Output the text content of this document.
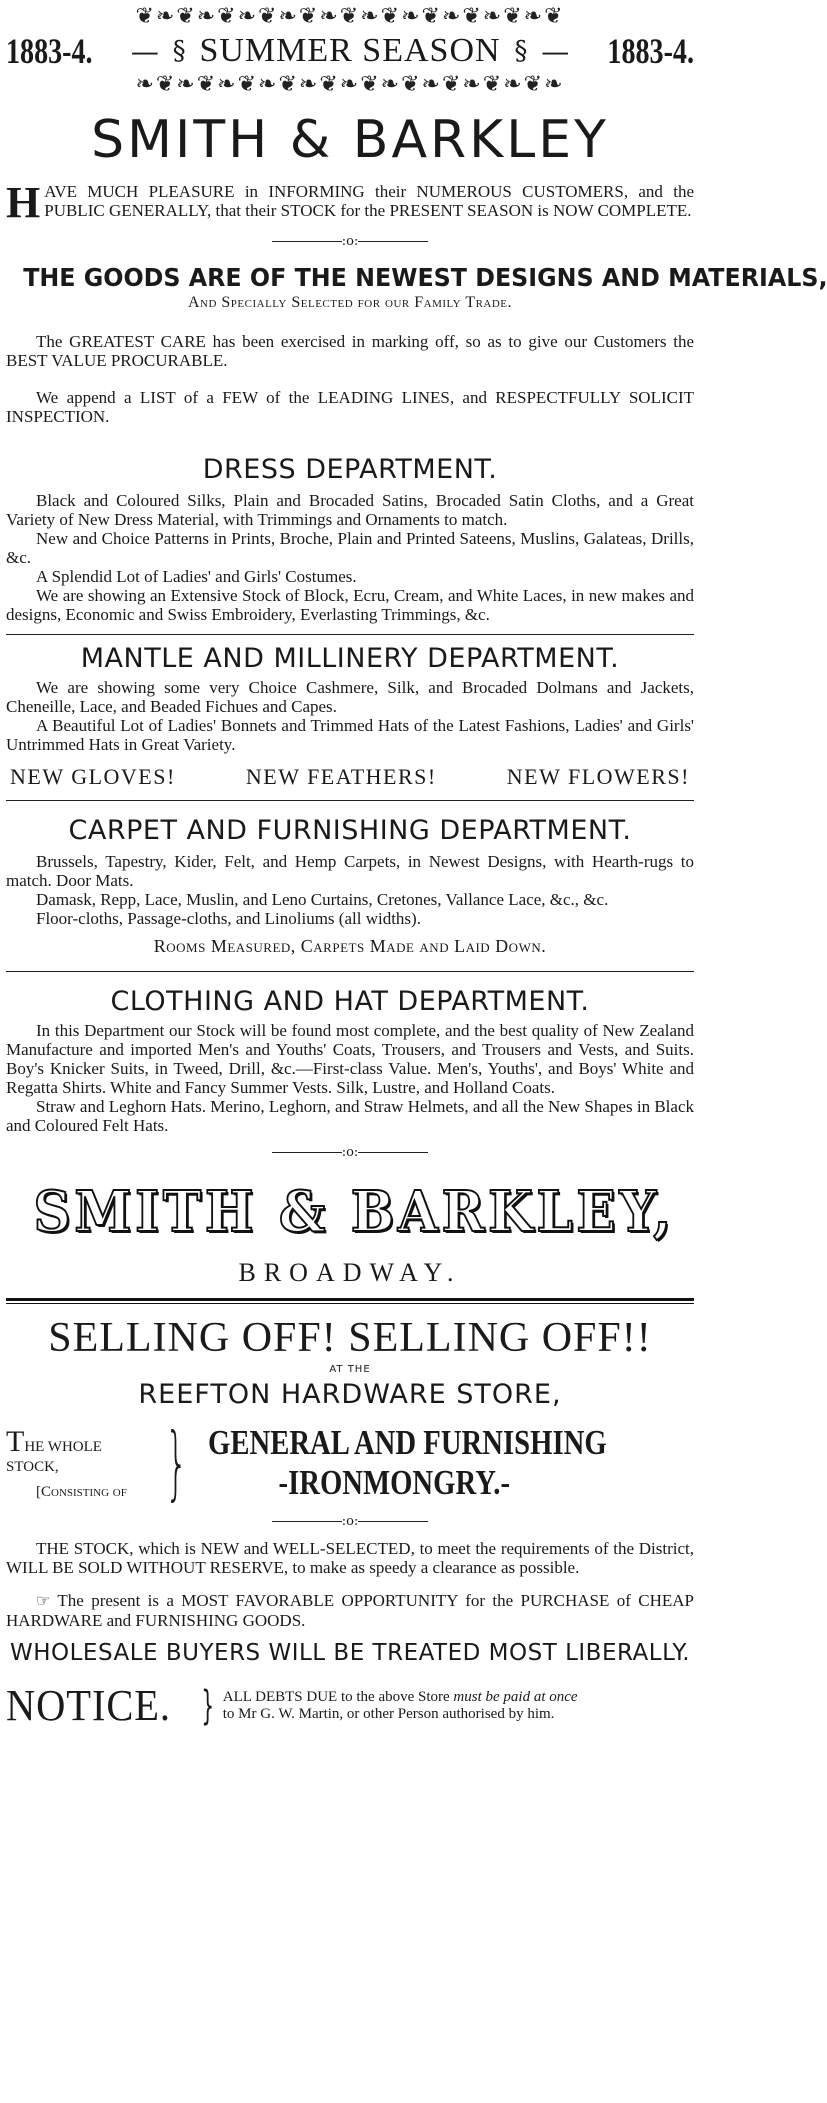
❦❧❦❧❦❧❦❧❦❧❦❧❦❧❦❧❦❧❦❧❦
1883-4. — § SUMMER SEASON § — 1883-4.
❧❦❧❦❧❦❧❦❧❦❧❦❧❦❧❦❧❦❧❦❧
SMITH & BARKLEY

HAVE MUCH PLEASURE in INFORMING their NUMEROUS CUSTOMERS, and the PUBLIC GENERALLY, that their STOCK for the PRESENT SEASON is NOW COMPLETE.

:o:
THE GOODS ARE OF THE NEWEST DESIGNS AND MATERIALS,
And Specially Selected for our Family Trade.

The GREATEST CARE has been exercised in marking off, so as to give our Customers the BEST VALUE PROCURABLE.

We append a LIST of a FEW of the LEADING LINES, and RESPECTFULLY SOLICIT INSPECTION.

DRESS DEPARTMENT.

Black and Coloured Silks, Plain and Brocaded Satins, Brocaded Satin Cloths, and a Great Variety of New Dress Material, with Trimmings and Ornaments to match.

New and Choice Patterns in Prints, Broche, Plain and Printed Sateens, Muslins, Galateas, Drills, &c.

A Splendid Lot of Ladies' and Girls' Costumes.

We are showing an Extensive Stock of Block, Ecru, Cream, and White Laces, in new makes and designs, Economic and Swiss Embroidery, Everlasting Trimmings, &c.

MANTLE AND MILLINERY DEPARTMENT.

We are showing some very Choice Cashmere, Silk, and Brocaded Dolmans and Jackets, Cheneille, Lace, and Beaded Fichues and Capes.

A Beautiful Lot of Ladies' Bonnets and Trimmed Hats of the Latest Fashions, Ladies' and Girls' Untrimmed Hats in Great Variety.

NEW GLOVES!	NEW FEATHERS!	NEW FLOWERS!
CARPET AND FURNISHING DEPARTMENT.

Brussels, Tapestry, Kider, Felt, and Hemp Carpets, in Newest Designs, with Hearth-rugs to match. Door Mats.

Damask, Repp, Lace, Muslin, and Leno Curtains, Cretones, Vallance Lace, &c., &c.

Floor-cloths, Passage-cloths, and Linoliums (all widths).

Rooms Measured, Carpets Made and Laid Down.
CLOTHING AND HAT DEPARTMENT.

In this Department our Stock will be found most complete, and the best quality of New Zealand Manufacture and imported Men's and Youths' Coats, Trousers, and Trousers and Vests, and Suits. Boy's Knicker Suits, in Tweed, Drill, &c.—First-class Value. Men's, Youths', and Boys' White and Regatta Shirts. White and Fancy Summer Vests. Silk, Lustre, and Holland Coats.

Straw and Leghorn Hats. Merino, Leghorn, and Straw Helmets, and all the New Shapes in Black and Coloured Felt Hats.

:o:
SMITH & BARKLEY,
BROADWAY.
SELLING OFF! SELLING OFF!!
AT THE
REEFTON HARDWARE STORE,
THE WHOLE STOCK,
[Consisting of } GENERAL AND FURNISHING
-IRONMONGRY.-
:o:

THE STOCK, which is NEW and WELL-SELECTED, to meet the requirements of the District, WILL BE SOLD WITHOUT RESERVE, to make as speedy a clearance as possible.

☞ The present is a MOST FAVORABLE OPPORTUNITY for the PURCHASE of CHEAP HARDWARE and FURNISHING GOODS.

WHOLESALE BUYERS WILL BE TREATED MOST LIBERALLY.
NOTICE. } ALL DEBTS DUE to the above Store must be paid at once
to Mr G. W. Martin, or other Person authorised by him.
